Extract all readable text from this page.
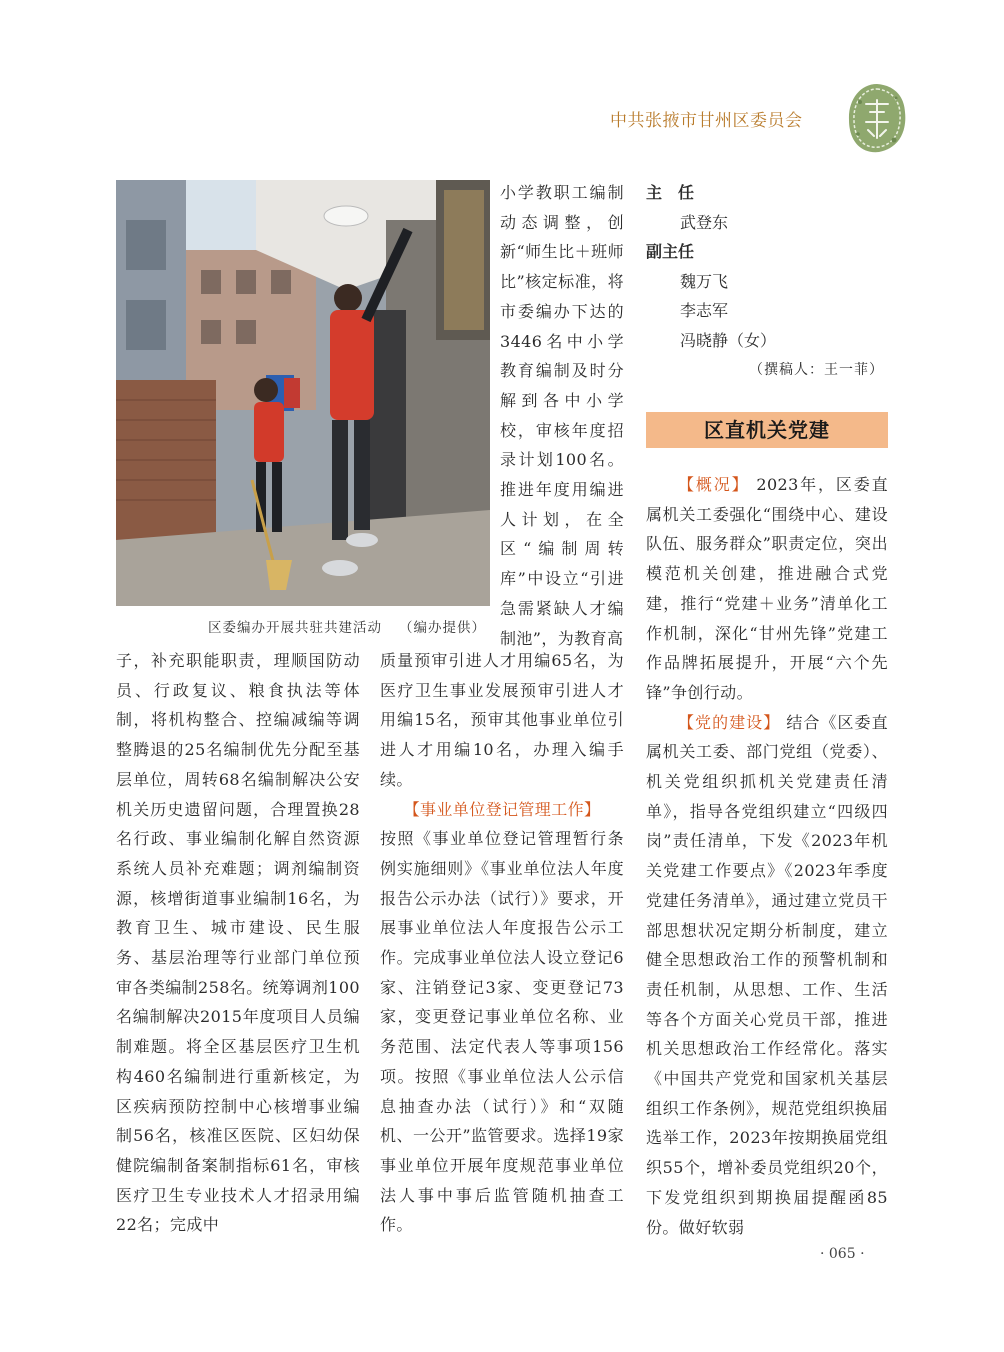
中共张掖市甘州区委员会
区委编办开展共驻共建活动 （编办提供）

小学教职工编制动态调整，创新“师生比＋班师比”核定标准，将市委编办下达的3446名中小学教育编制及时分解到各中小学校，审核年度招录计划100名。推进年度用编进人计划，在全区“编制周转库”中设立“引进急需紧缺人才编制池”，为教育高

子，补充职能职责，理顺国防动员、行政复议、粮食执法等体制，将机构整合、控编减编等调整腾退的25名编制优先分配至基层单位，周转68名编制解决公安机关历史遗留问题，合理置换28名行政、事业编制化解自然资源系统人员补充难题；调剂编制资源，核增街道事业编制16名，为教育卫生、城市建设、民生服务、基层治理等行业部门单位预审各类编制258名。统筹调剂100名编制解决2015年度项目人员编制难题。将全区基层医疗卫生机构460名编制进行重新核定，为区疾病预防控制中心核增事业编制56名，核准区医院、区妇幼保健院编制备案制指标61名，审核医疗卫生专业技术人才招录用编22名；完成中

质量预审引进人才用编65名，为医疗卫生事业发展预审引进人才用编15名，预审其他事业单位引进人才用编10名，办理入编手续。
【事业单位登记管理工作】
按照《事业单位登记管理暂行条例实施细则》《事业单位法人年度报告公示办法（试行）》要求，开展事业单位法人年度报告公示工作。完成事业单位法人设立登记6家、注销登记3家、变更登记73家，变更登记事业单位名称、业务范围、法定代表人等事项156项。按照《事业单位法人公示信息抽查办法（试行）》和“双随机、一公开”监管要求。选择19家事业单位开展年度规范事业单位法人事中事后监管随机抽查工作。
主　任
武登东
副主任
魏万飞
李志军
冯晓静（女）
（撰稿人：王一菲）
区直机关党建
【概况】 2023年，区委直属机关工委强化“围绕中心、建设队伍、服务群众”职责定位，突出模范机关创建，推进融合式党建，推行“党建＋业务”清单化工作机制，深化“甘州先锋”党建工作品牌拓展提升，开展“六个先锋”争创行动。
【党的建设】 结合《区委直属机关工委、部门党组（党委）、机关党组织抓机关党建责任清单》，指导各党组织建立“四级四岗”责任清单，下发《2023年机关党建工作要点》《2023年季度党建任务清单》，通过建立党员干部思想状况定期分析制度，建立健全思想政治工作的预警机制和责任机制，从思想、工作、生活等各个方面关心党员干部，推进机关思想政治工作经常化。落实《中国共产党党和国家机关基层组织工作条例》，规范党组织换届选举工作，2023年按期换届党组织55个，增补委员党组织20个，下发党组织到期换届提醒函85份。做好软弱
· 065 ·
